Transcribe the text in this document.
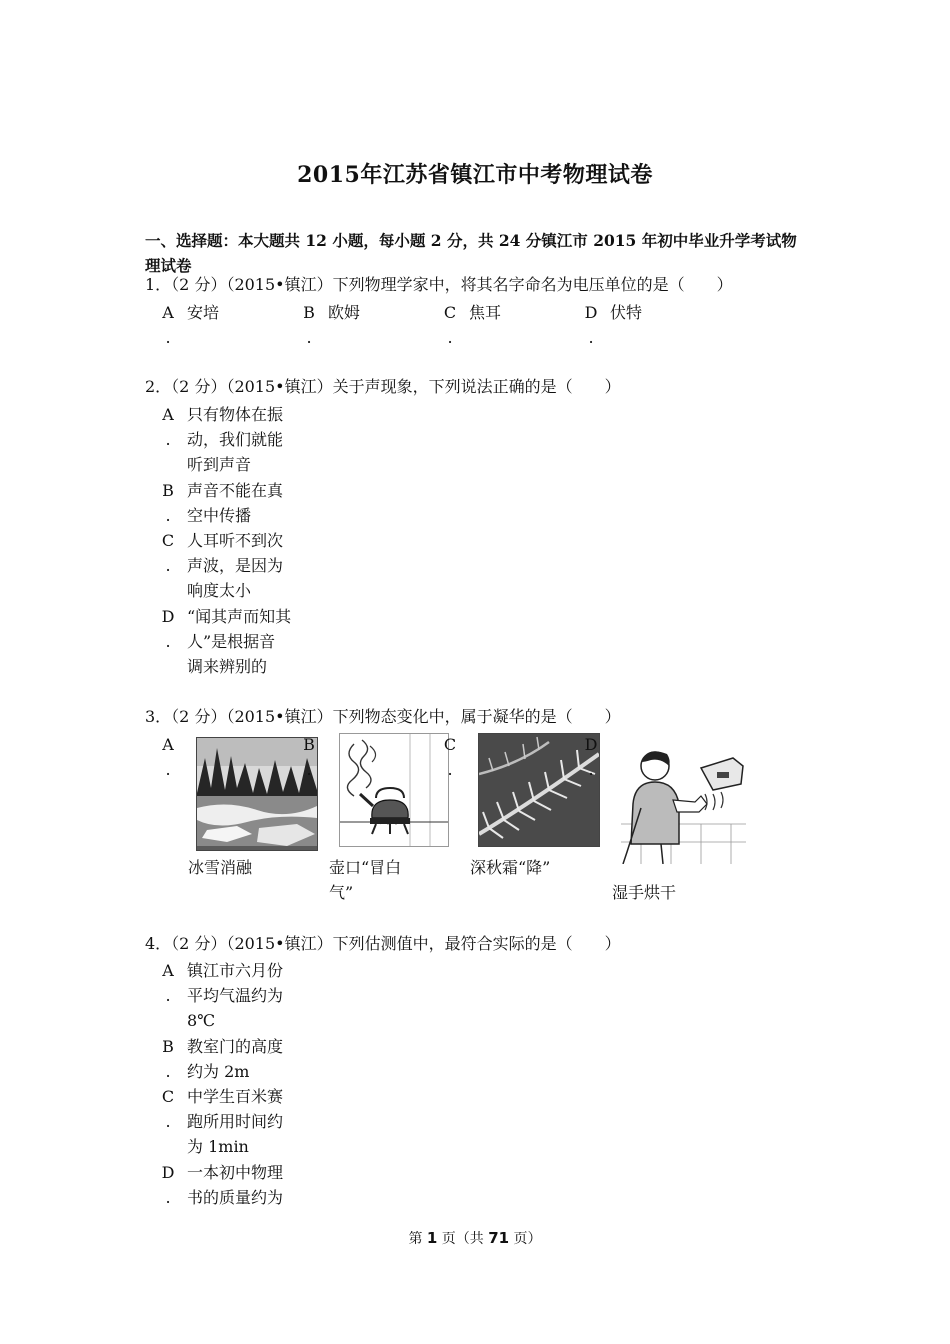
2015年江苏省镇江市中考物理试卷
一、选择题：本大题共 12 小题，每小题 2 分，共 24 分镇江市 2015 年初中毕业升学考试物
理试卷
1．（2 分）（2015•镇江）下列物理学家中，将其名字命名为电压单位的是（　　）
A
.
安培	B
.
欧姆	C
.
焦耳	D
.
伏特
2．（2 分）（2015•镇江）关于声现象，下列说法正确的是（　　）
A
.
只有物体在振
动，我们就能
听到声音
B
.
声音不能在真
空中传播
C
.
人耳听不到次
声波，是因为
响度太小
D
.
“闻其声而知其
人”是根据音
调来辨别的
3．（2 分）（2015•镇江）下列物态变化中，属于凝华的是（　　）
A
.
冰雪消融
B
.
壶口“冒白
气”
C
.
深秋霜“降”
D
.
湿手烘干
4．（2 分）（2015•镇江）下列估测值中，最符合实际的是（　　）
A
.
镇江市六月份
平均气温约为
8℃
B
.
教室门的高度
约为 2m
C
.
中学生百米赛
跑所用时间约
为 1min
D
.
一本初中物理
书的质量约为
第 1 页（共 71 页）
